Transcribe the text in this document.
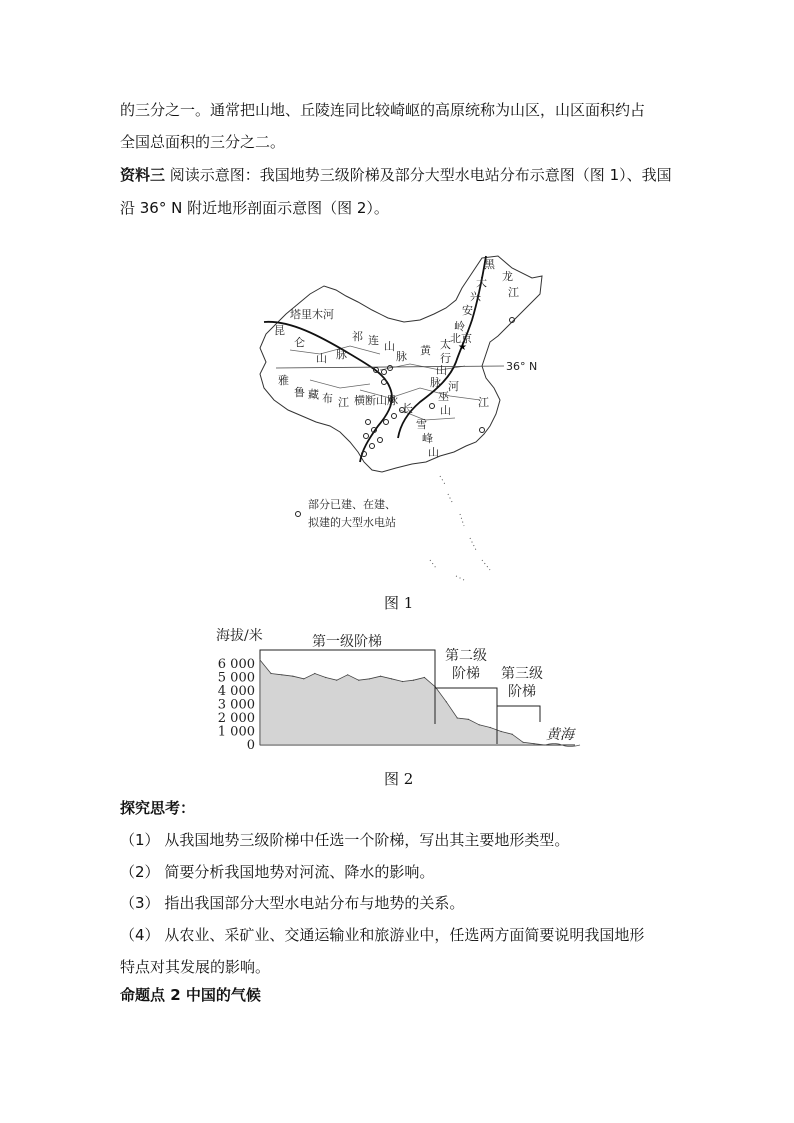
的三分之一。通常把山地、丘陵连同比较崎岖的高原统称为山区，山区面积约占
全国总面积的三分之二。
资料三 阅读示意图：我国地势三级阶梯及部分大型水电站分布示意图（图 1）、我国
沿 36° N 附近地形剖面示意图（图 2）。
36° N
★
黑
龙
江
大
兴
安
岭
北京
塔里木河
昆
仑
山 脉
祁 连 山
脉 黄
河
太
行
山
脉
雅
鲁 藏 布 江 横断山脉
长	江
巫
山
雪
峰
山
部分已建、在建、
拟建的大型水电站
图 1
海拔/米
0
1 000
2 000
3 000
4 000
5 000
6 000
第一级阶梯
第二级
阶梯 第三级
阶梯
黄海
图 2
探究思考：
（1） 从我国地势三级阶梯中任选一个阶梯，写出其主要地形类型。
（2） 简要分析我国地势对河流、降水的影响。
（3） 指出我国部分大型水电站分布与地势的关系。
（4） 从农业、采矿业、交通运输业和旅游业中，任选两方面简要说明我国地形
特点对其发展的影响。
命题点 2 中国的气候
